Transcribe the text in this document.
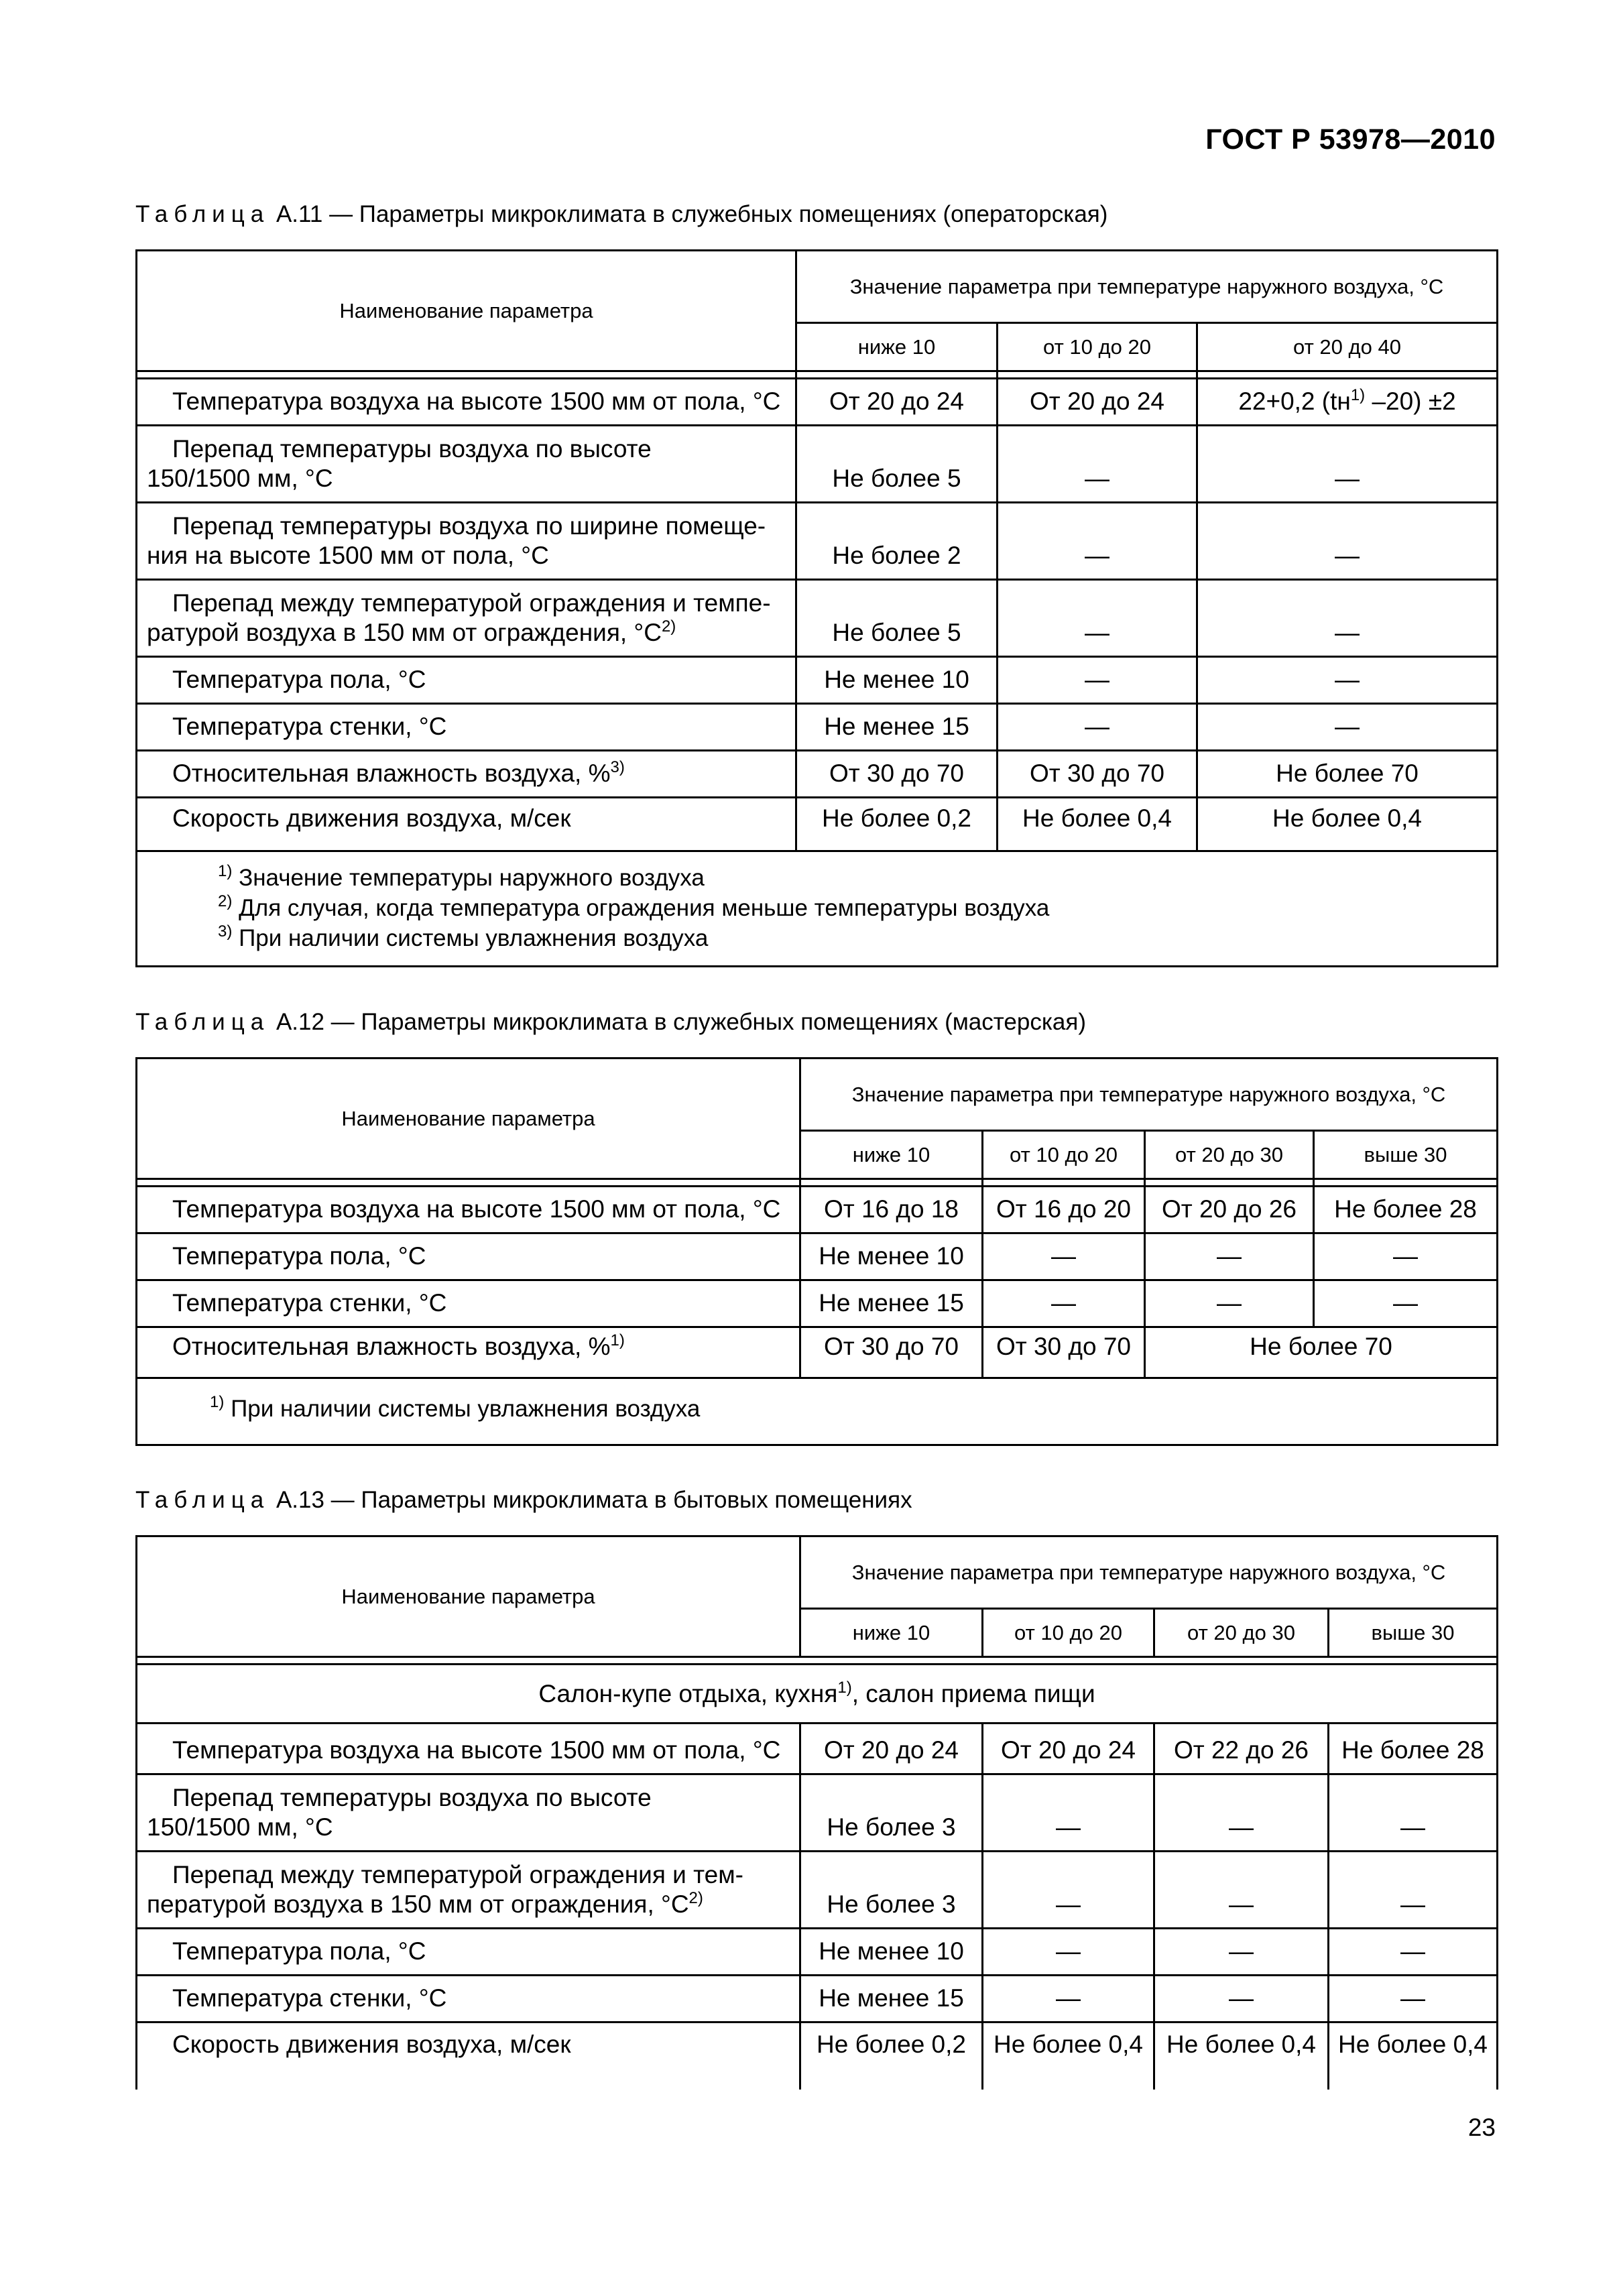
ГОСТ Р 53978—2010
Таблица А.11 — Параметры микроклимата в служебных помещениях (операторская)
Наименование параметра	Значение параметра при температуре наружного воздуха, °С		
	ниже 10	от 10 до 20	от 20 до 40

Температура воздуха на высоте 1500 мм от пола, °С	От 20 до 24	От 20 до 24	22+0,2 ($tн^{1)}$ –20) ±2
Перепад температуры воздуха по высоте
150/1500 мм, °С	Не более 5	—	—
Перепад температуры воздуха по ширине помеще-
ния на высоте 1500 мм от пола, °С	Не более 2	—	—
Перепад между температурой ограждения и темпе-
ратурой воздуха в 150 мм от ограждения, $^\circ С^{2)}$	Не более 5	—	—
Температура пола, °С	Не менее 10	—	—
Температура стенки, °С	Не менее 15	—	—
Относительная влажность воздуха, %$^{3)}$	От 30 до 70	От 30 до 70	Не более 70
Скорость движения воздуха, м/сек	Не более 0,2	Не более 0,4	Не более 0,4

$^{1)}$ Значение температуры наружного воздуха
$^{2)}$ Для случая, когда температура ограждения меньше температуры воздуха
$^{3)}$ При наличии системы увлажнения воздуха			
Таблица А.12 — Параметры микроклимата в служебных помещениях (мастерская)
Наименование параметра	Значение параметра при температуре наружного воздуха, °С			
	ниже 10	от 10 до 20	от 20 до 30	выше 30

Температура воздуха на высоте 1500 мм от пола, °С	От 16 до 18	От 16 до 20	От 20 до 26	Не более 28
Температура пола, °С	Не менее 10	—	—	—
Температура стенки, °С	Не менее 15	—	—	—
Относительная влажность воздуха, %$^{1)}$	От 30 до 70	От 30 до 70	Не более 70	

$^{1)}$ При наличии системы увлажнения воздуха				
Таблица А.13 — Параметры микроклимата в бытовых помещениях
Наименование параметра	Значение параметра при температуре наружного воздуха, °С			
	ниже 10	от 10 до 20	от 20 до 30	выше 30

Салон-купе отдыха, кухня$^{1)}$, салон приема пищи				
Температура воздуха на высоте 1500 мм от пола, °С	От 20 до 24	От 20 до 24	От 22 до 26	Не более 28
Перепад температуры воздуха по высоте
150/1500 мм, °С	Не более 3	—	—	—
Перепад между температурой ограждения и тем-
пературой воздуха в 150 мм от ограждения, $^\circ С^{2)}$	Не более 3	—	—	—
Температура пола, °С	Не менее 10	—	—	—
Температура стенки, °С	Не менее 15	—	—	—
Скорость движения воздуха, м/сек	Не более 0,2	Не более 0,4	Не более 0,4	Не более 0,4
23
